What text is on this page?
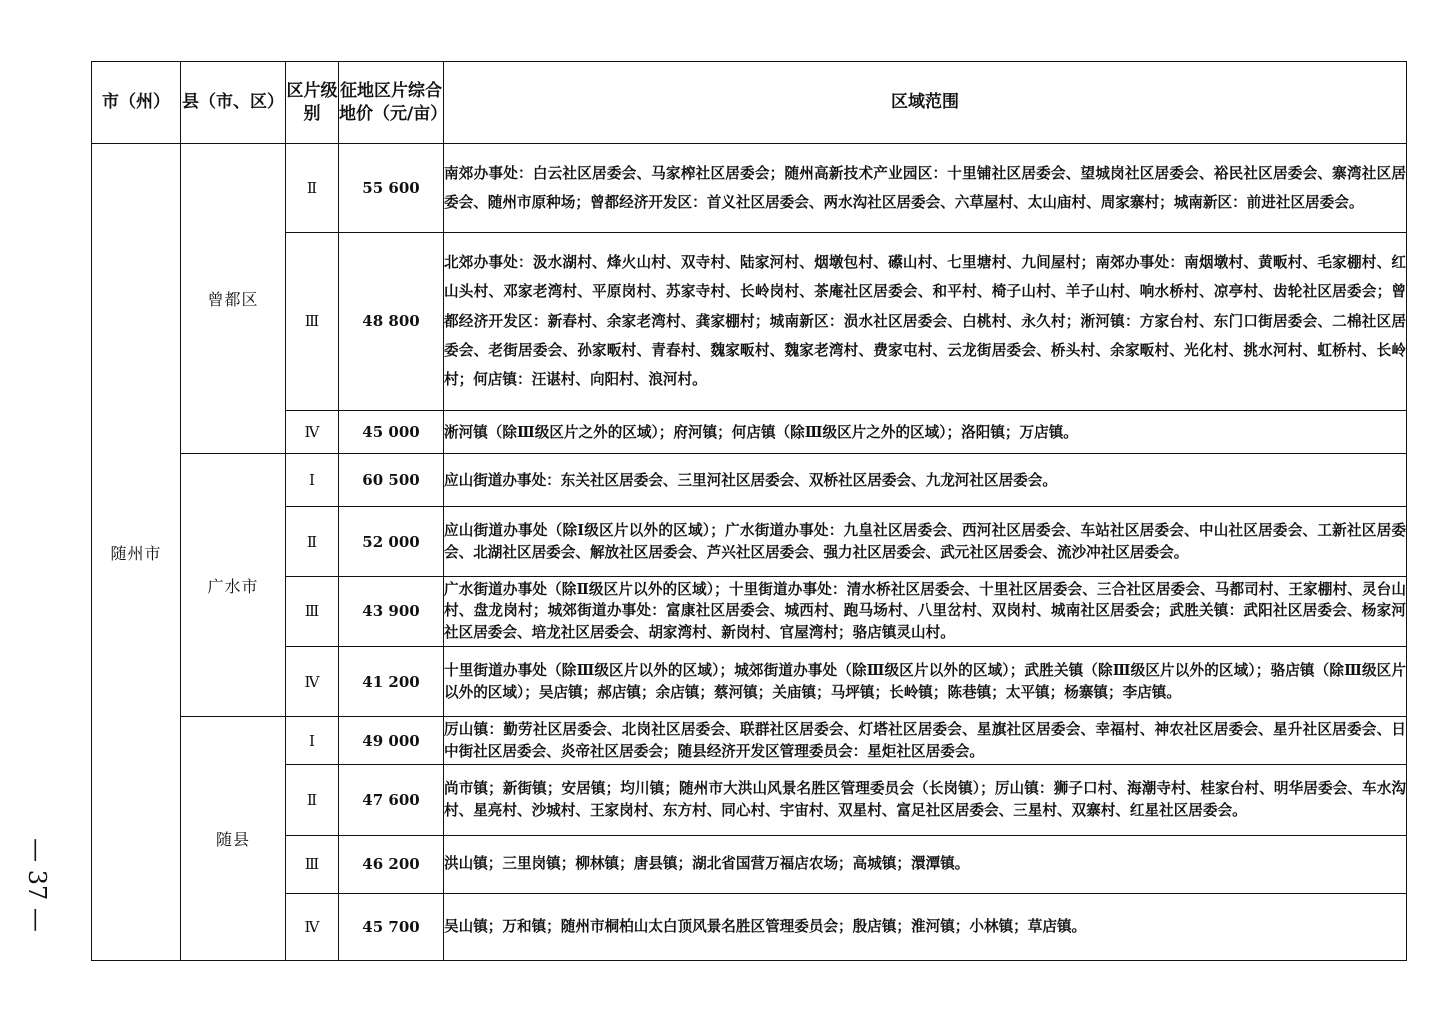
市（州）	县（市、区）	区片级别	征地区片综合地价（元/亩）	区域范围
随州市	曾都区	Ⅱ	55 600	南郊办事处：白云社区居委会、马家榨社区居委会；随州高新技术产业园区：十里铺社区居委会、望城岗社区居委会、裕民社区居委会、寨湾社区居委会、随州市原种场；曾都经济开发区：首义社区居委会、两水沟社区居委会、六草屋村、太山庙村、周家寨村；城南新区：前进社区居委会。
		Ⅲ	48 800	北郊办事处：汲水湖村、烽火山村、双寺村、陆家河村、烟墩包村、礤山村、七里塘村、九间屋村；南郊办事处：南烟墩村、黄畈村、毛家棚村、红山头村、邓家老湾村、平原岗村、苏家寺村、长岭岗村、茶庵社区居委会、和平村、椅子山村、羊子山村、响水桥村、凉亭村、齿轮社区居委会；曾都经济开发区：新春村、余家老湾村、龚家棚村；城南新区：涢水社区居委会、白桃村、永久村；淅河镇：方家台村、东门口街居委会、二棉社区居委会、老街居委会、孙家畈村、青春村、魏家畈村、魏家老湾村、费家屯村、云龙街居委会、桥头村、余家畈村、光化村、挑水河村、虹桥村、长岭村；何店镇：汪谌村、向阳村、浪河村。
		Ⅳ	45 000	淅河镇（除Ⅲ级区片之外的区域）；府河镇；何店镇（除Ⅲ级区片之外的区域）；洛阳镇；万店镇。
	广水市	Ⅰ	60 500	应山街道办事处：东关社区居委会、三里河社区居委会、双桥社区居委会、九龙河社区居委会。
		Ⅱ	52 000	应山街道办事处（除Ⅰ级区片以外的区域）；广水街道办事处：九皇社区居委会、西河社区居委会、车站社区居委会、中山社区居委会、工新社区居委会、北湖社区居委会、解放社区居委会、芦兴社区居委会、强力社区居委会、武元社区居委会、流沙冲社区居委会。
		Ⅲ	43 900	广水街道办事处（除Ⅱ级区片以外的区域）；十里街道办事处：清水桥社区居委会、十里社区居委会、三合社区居委会、马都司村、王家棚村、灵台山村、盘龙岗村；城郊街道办事处：富康社区居委会、城西村、跑马场村、八里岔村、双岗村、城南社区居委会；武胜关镇：武阳社区居委会、杨家河社区居委会、培龙社区居委会、胡家湾村、新岗村、官屋湾村；骆店镇灵山村。
		Ⅳ	41 200	十里街道办事处（除Ⅲ级区片以外的区域）；城郊街道办事处（除Ⅲ级区片以外的区域）；武胜关镇（除Ⅲ级区片以外的区域）；骆店镇（除Ⅲ级区片以外的区域）；吴店镇；郝店镇；余店镇；蔡河镇；关庙镇；马坪镇；长岭镇；陈巷镇；太平镇；杨寨镇；李店镇。
	随县	Ⅰ	49 000	厉山镇：勤劳社区居委会、北岗社区居委会、联群社区居委会、灯塔社区居委会、星旗社区居委会、幸福村、神农社区居委会、星升社区居委会、日中街社区居委会、炎帝社区居委会；随县经济开发区管理委员会：星炬社区居委会。
		Ⅱ	47 600	尚市镇；新街镇；安居镇；均川镇；随州市大洪山风景名胜区管理委员会（长岗镇）；厉山镇：狮子口村、海潮寺村、桂家台村、明华居委会、车水沟村、星亮村、沙城村、王家岗村、东方村、同心村、宇宙村、双星村、富足社区居委会、三星村、双寨村、红星社区居委会。
		Ⅲ	46 200	洪山镇；三里岗镇；柳林镇；唐县镇；湖北省国营万福店农场；高城镇；澴潭镇。
		Ⅳ	45 700	吴山镇；万和镇；随州市桐柏山太白顶风景名胜区管理委员会；殷店镇；淮河镇；小林镇；草店镇。
— 37 —
